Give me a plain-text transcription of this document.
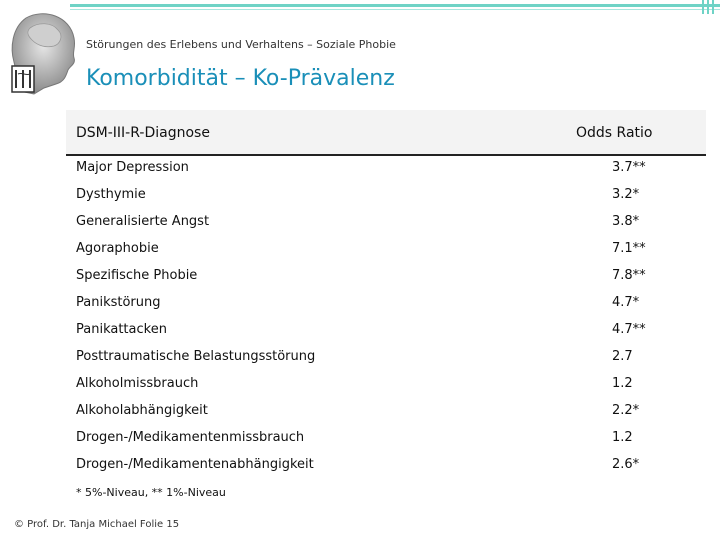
Störungen des Erlebens und Verhaltens – Soziale Phobie
Komorbidität – Ko-Prävalenz
DSM-III-R-Diagnose	Odds Ratio
Major Depression	3.7**
Dysthymie	3.2*
Generalisierte Angst	3.8*
Agoraphobie	7.1**
Spezifische Phobie	7.8**
Panikstörung	4.7*
Panikattacken	4.7**
Posttraumatische Belastungsstörung	2.7
Alkoholmissbrauch	1.2
Alkoholabhängigkeit	2.2*
Drogen-/Medikamentenmissbrauch	1.2
Drogen-/Medikamentenabhängigkeit	2.6*
* 5%-Niveau, ** 1%-Niveau
© Prof. Dr. Tanja Michael Folie 15
